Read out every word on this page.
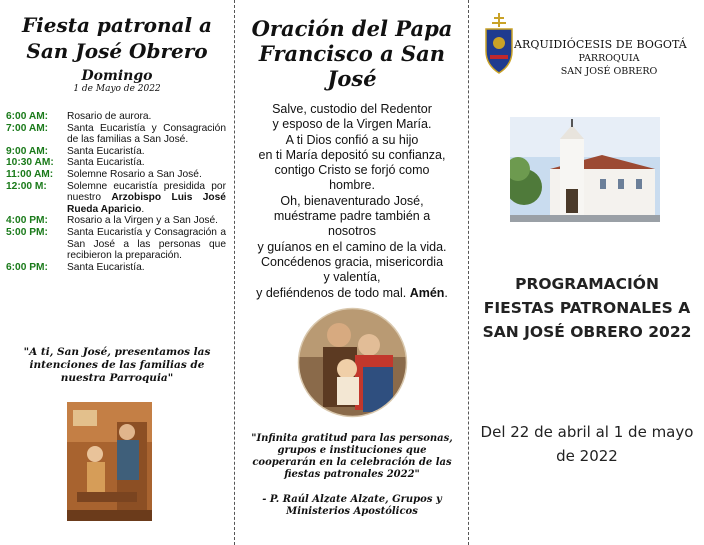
Fiesta patronal a San José Obrero
Domingo
1 de Mayo de 2022
6:00 AM:	Rosario de aurora.
7:00 AM:	Santa Eucaristía y Consagración de las familias a San José.
9:00 AM:	Santa Eucaristía.
10:30 AM:	Santa Eucaristía.
11:00 AM:	Solemne Rosario a San José.
12:00 M:	Solemne eucaristía presidida por nuestro Arzobispo Luis José Rueda Aparicio.
4:00 PM:	Rosario a la Virgen y a San José.
5:00 PM:	Santa Eucaristía y Consagración a San José a las personas que recibieron la preparación.
6:00 PM:	Santa Eucaristía.
"A ti, San José, presentamos las intenciones de las familias de nuestra Parroquia"
Oración del Papa Francisco a San José
Salve, custodio del Redentor
y esposo de la Virgen María.
A ti Dios confió a su hijo
en ti María depositó su confianza,
contigo Cristo se forjó como
hombre.
Oh, bienaventurado José,
muéstrame padre también a
nosotros
y guíanos en el camino de la vida.
Concédenos gracia, misericordia
y valentía,
y defiéndenos de todo mal. Amén.
"Infinita gratitud para las personas, grupos e instituciones que cooperarán en la celebración de las fiestas patronales 2022"
- P. Raúl Alzate Alzate, Grupos y Ministerios Apostólicos
ARQUIDIÓCESIS DE BOGOTÁ
PARROQUIA
SAN JOSÉ OBRERO
PROGRAMACIÓN FIESTAS PATRONALES A SAN JOSÉ OBRERO 2022
Del 22 de abril al 1 de mayo de 2022
